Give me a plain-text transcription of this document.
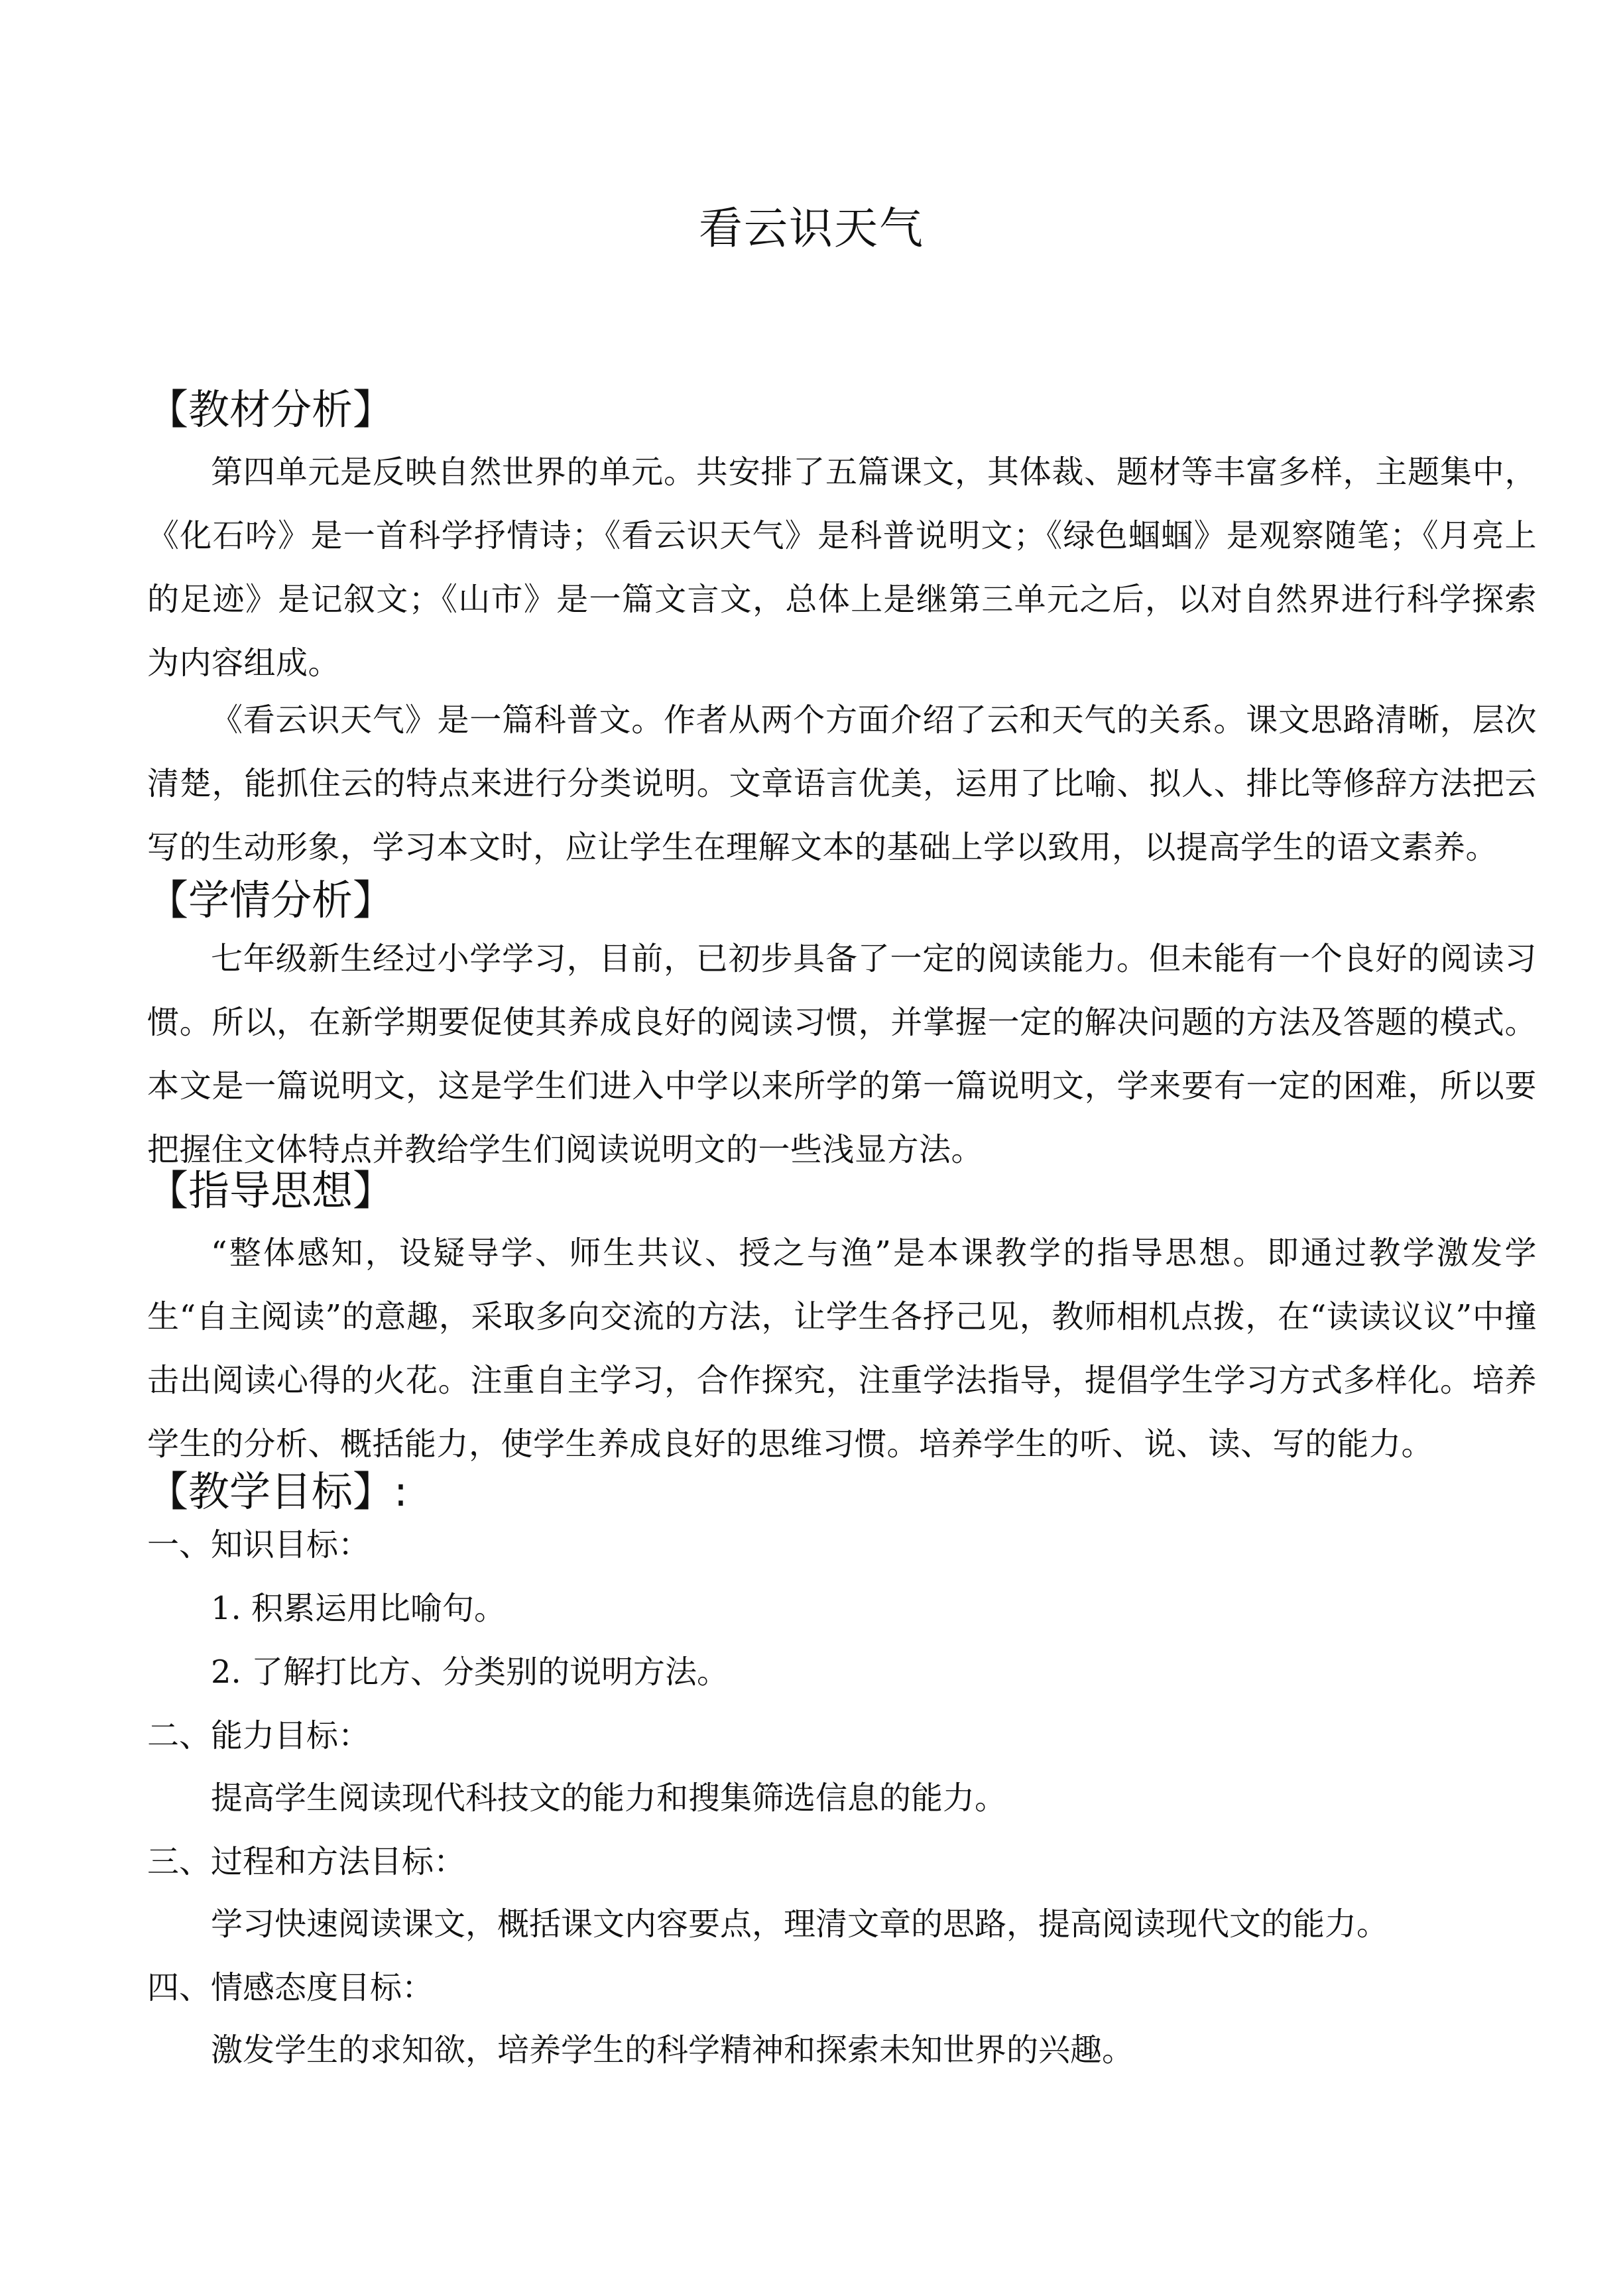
看云识天气
【教材分析】

第四单元是反映自然世界的单元。共安排了五篇课文，其体裁、题材等丰富多样，主题集中，《化石吟》是一首科学抒情诗；《看云识天气》是科普说明文；《绿色蝈蝈》是观察随笔；《月亮上的足迹》是记叙文；《山市》是一篇文言文，总体上是继第三单元之后，以对自然界进行科学探索为内容组成。

《看云识天气》是一篇科普文。作者从两个方面介绍了云和天气的关系。课文思路清晰，层次清楚，能抓住云的特点来进行分类说明。文章语言优美，运用了比喻、拟人、排比等修辞方法把云写的生动形象，学习本文时，应让学生在理解文本的基础上学以致用，以提高学生的语文素养。

【学情分析】

七年级新生经过小学学习，目前，已初步具备了一定的阅读能力。但未能有一个良好的阅读习惯。所以，在新学期要促使其养成良好的阅读习惯，并掌握一定的解决问题的方法及答题的模式。本文是一篇说明文，这是学生们进入中学以来所学的第一篇说明文，学来要有一定的困难，所以要把握住文体特点并教给学生们阅读说明文的一些浅显方法。

【指导思想】

“整体感知，设疑导学、师生共议、授之与渔”是本课教学的指导思想。即通过教学激发学生“自主阅读”的意趣，采取多向交流的方法，让学生各抒己见，教师相机点拨，在“读读议议”中撞击出阅读心得的火花。注重自主学习，合作探究，注重学法指导，提倡学生学习方式多样化。培养学生的分析、概括能力，使学生养成良好的思维习惯。培养学生的听、说、读、写的能力。

【教学目标】:
一、知识目标：
1. 积累运用比喻句。
2. 了解打比方、分类别的说明方法。
二、能力目标：
提高学生阅读现代科技文的能力和搜集筛选信息的能力。
三、过程和方法目标：
学习快速阅读课文，概括课文内容要点，理清文章的思路，提高阅读现代文的能力。
四、情感态度目标：
激发学生的求知欲，培养学生的科学精神和探索未知世界的兴趣。
